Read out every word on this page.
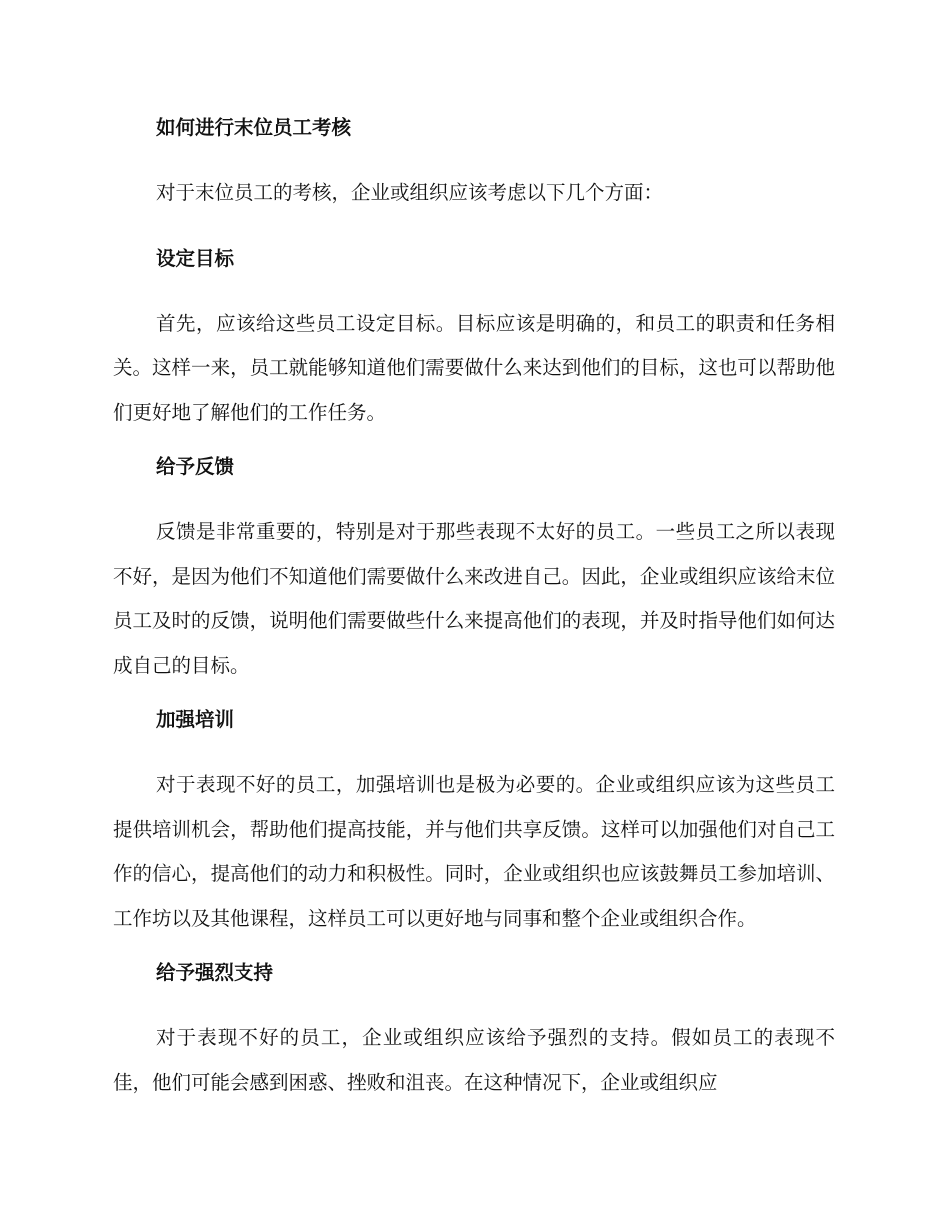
如何进行末位员工考核

对于末位员工的考核，企业或组织应该考虑以下几个方面：

设定目标

首先，应该给这些员工设定目标。目标应该是明确的，和员工的职责和任务相关。这样一来，员工就能够知道他们需要做什么来达到他们的目标，这也可以帮助他们更好地了解他们的工作任务。

给予反馈

反馈是非常重要的，特别是对于那些表现不太好的员工。一些员工之所以表现不好，是因为他们不知道他们需要做什么来改进自己。因此，企业或组织应该给末位员工及时的反馈，说明他们需要做些什么来提高他们的表现，并及时指导他们如何达成自己的目标。

加强培训

对于表现不好的员工，加强培训也是极为必要的。企业或组织应该为这些员工提供培训机会，帮助他们提高技能，并与他们共享反馈。这样可以加强他们对自己工作的信心，提高他们的动力和积极性。同时，企业或组织也应该鼓舞员工参加培训、工作坊以及其他课程，这样员工可以更好地与同事和整个企业或组织合作。

给予强烈支持

对于表现不好的员工，企业或组织应该给予强烈的支持。假如员工的表现不佳，他们可能会感到困惑、挫败和沮丧。在这种情况下，企业或组织应
